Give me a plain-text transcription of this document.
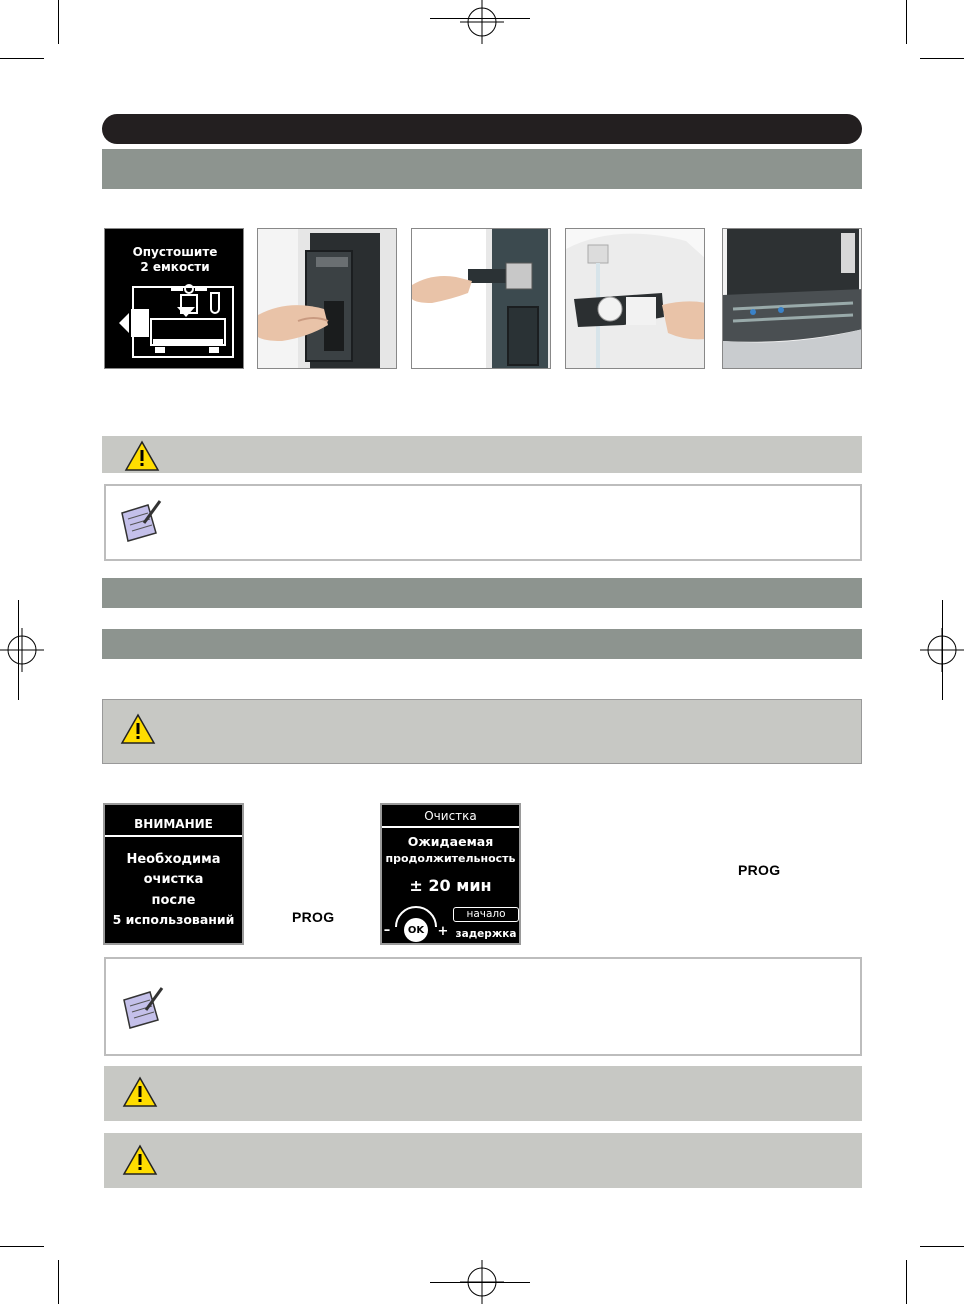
Опустошите
2 емкости
ВНИМАНИЕ
Необходима
очистка
после
5 использований	PROG
Очистка
Ожидаемая
продолжительность
± 20 мин
OK
–	+
начало
задержка
PROG
